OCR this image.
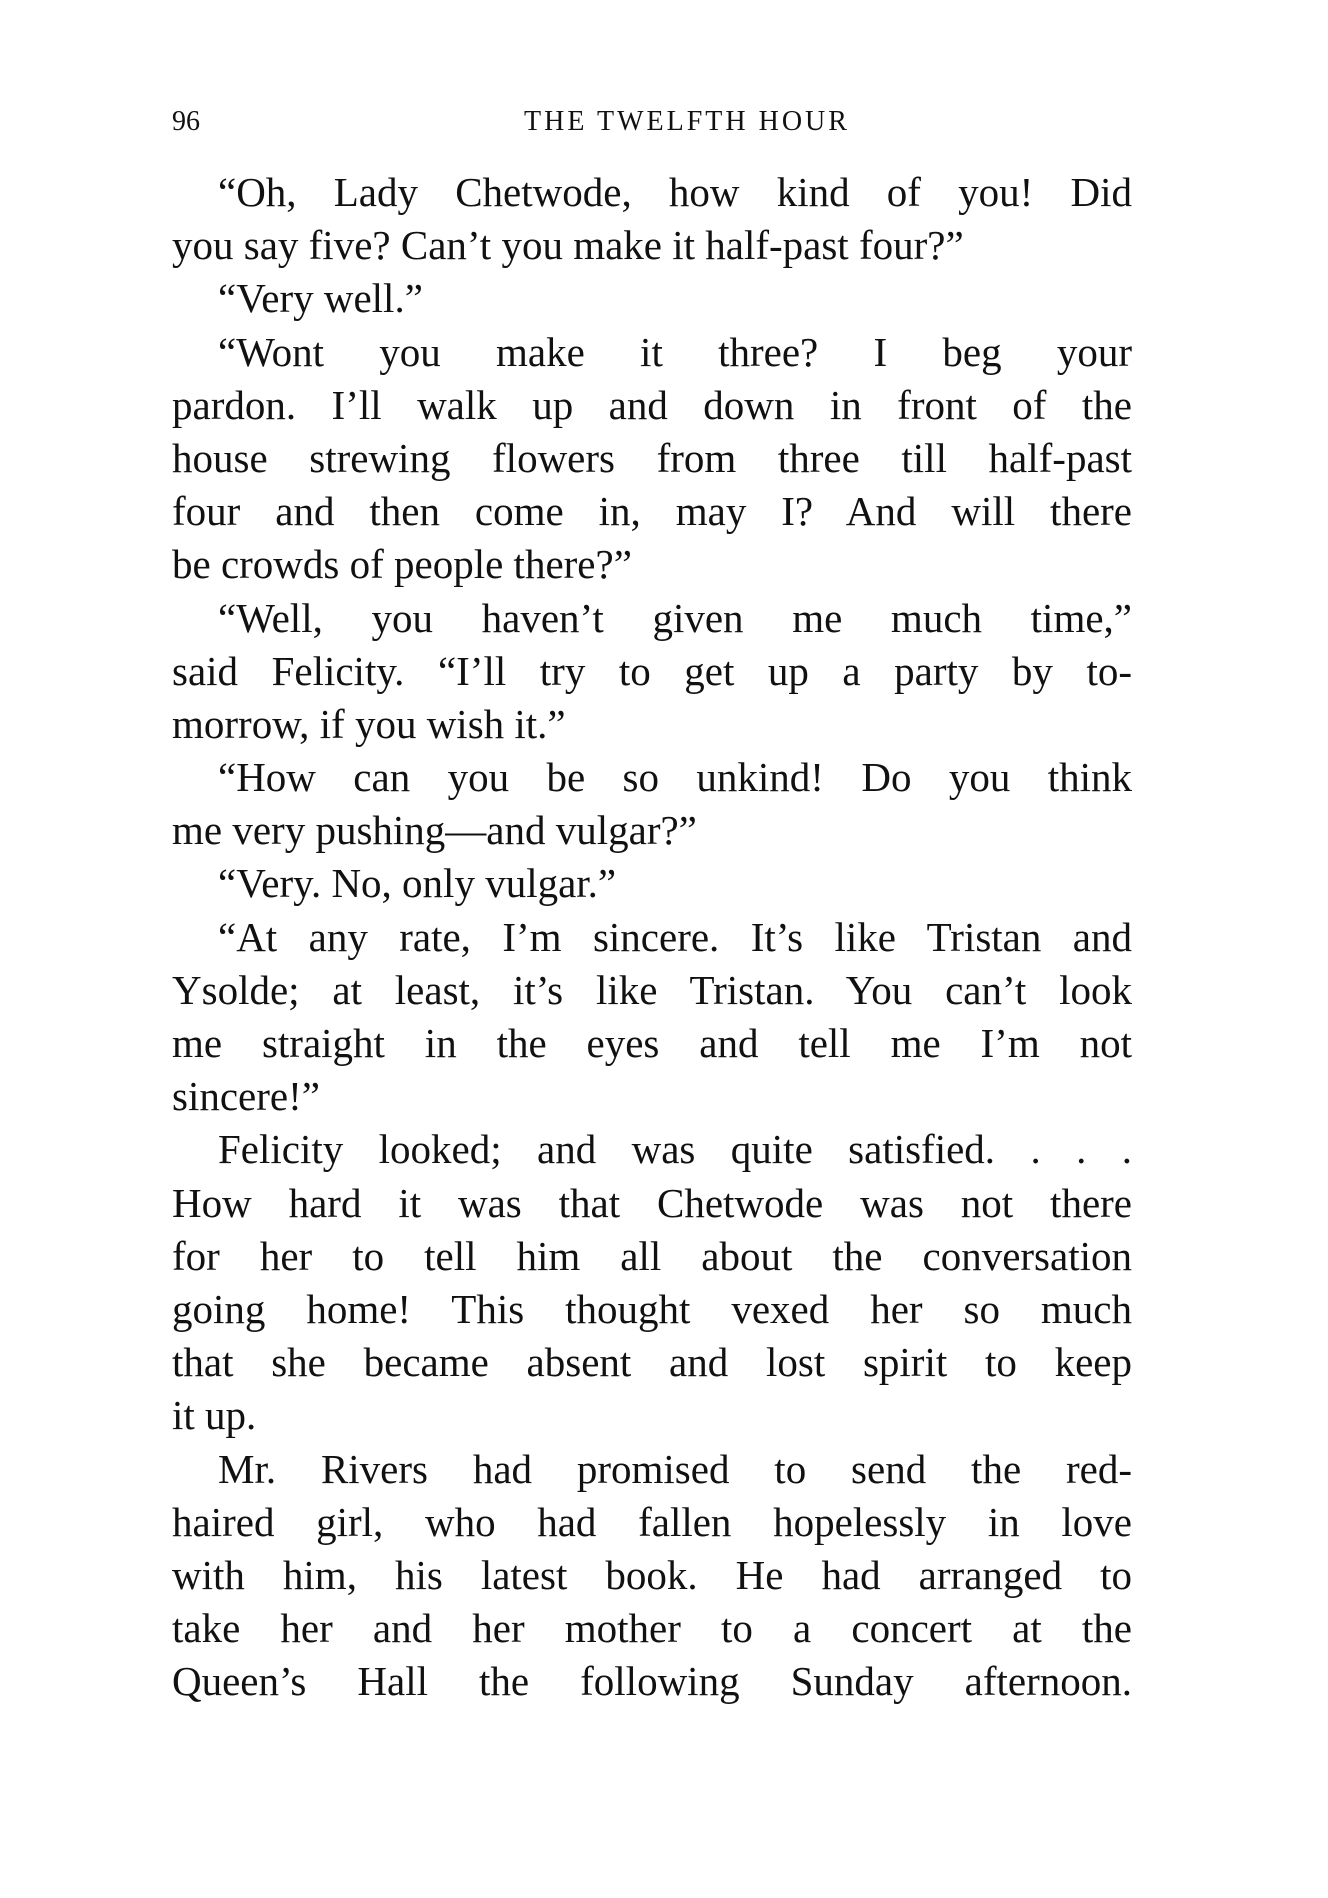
96	THE TWELFTH HOUR
“Oh, Lady Chetwode, how kind of you! Did
you say five? Can’t you make it half-past four?”
“Very well.”
“Wont you make it three? I beg your
pardon. I’ll walk up and down in front of the
house strewing flowers from three till half-past
four and then come in, may I? And will there
be crowds of people there?”
“Well, you haven’t given me much time,”
said Felicity. “I’ll try to get up a party by to-
morrow, if you wish it.”
“How can you be so unkind! Do you think
me very pushing—and vulgar?”
“Very. No, only vulgar.”
“At any rate, I’m sincere. It’s like Tristan and
Ysolde; at least, it’s like Tristan. You can’t look
me straight in the eyes and tell me I’m not
sincere!”
Felicity looked; and was quite satisfied. . . .
How hard it was that Chetwode was not there
for her to tell him all about the conversation
going home! This thought vexed her so much
that she became absent and lost spirit to keep
it up.
Mr. Rivers had promised to send the red-
haired girl, who had fallen hopelessly in love
with him, his latest book. He had arranged to
take her and her mother to a concert at the
Queen’s Hall the following Sunday afternoon.
